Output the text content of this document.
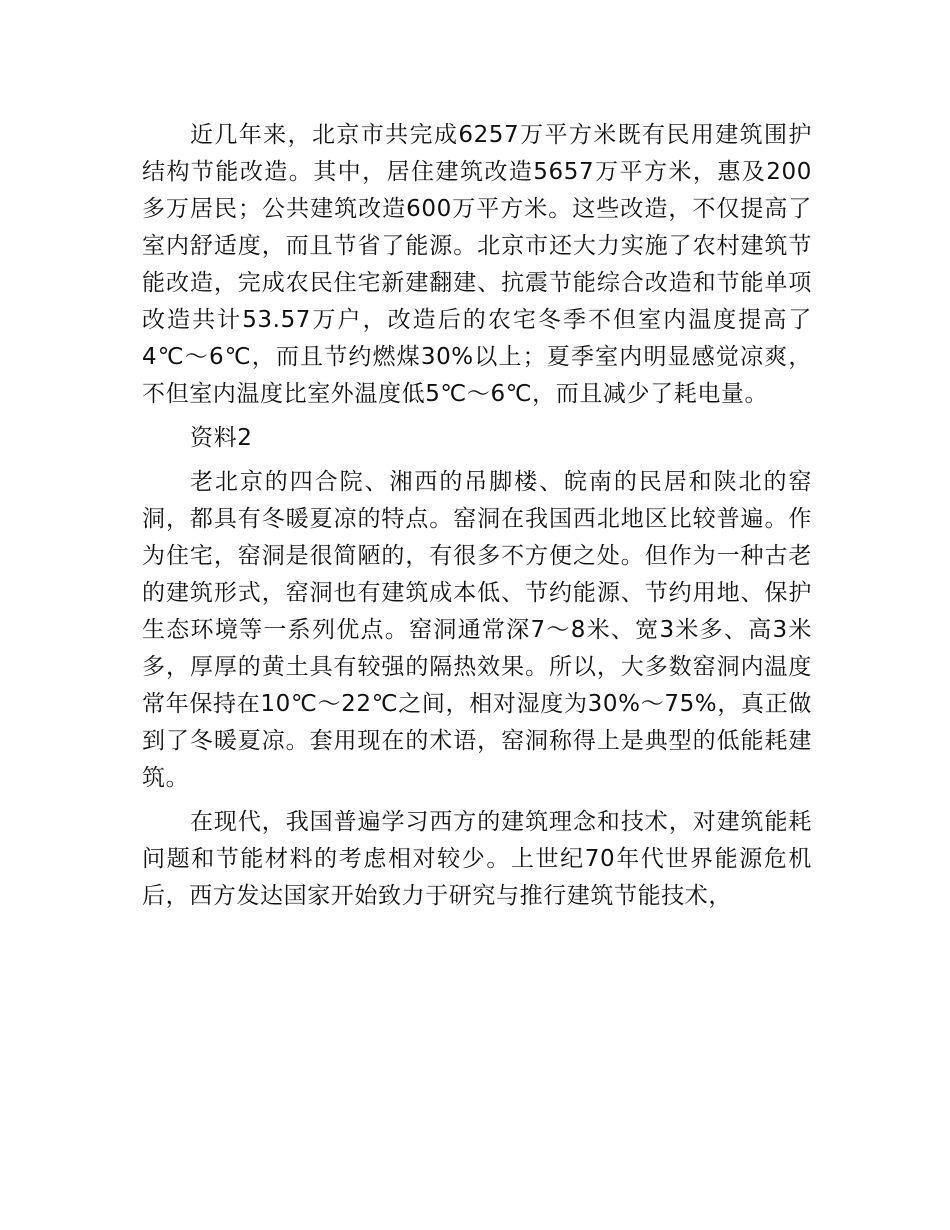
近几年来，北京市共完成6257万平方米既有民用建筑围护结构节能改造。其中，居住建筑改造5657万平方米，惠及200多万居民；公共建筑改造600万平方米。这些改造，不仅提高了室内舒适度，而且节省了能源。北京市还大力实施了农村建筑节能改造，完成农民住宅新建翻建、抗震节能综合改造和节能单项改造共计53.57万户，改造后的农宅冬季不但室内温度提高了4℃～6℃，而且节约燃煤30%以上；夏季室内明显感觉凉爽，不但室内温度比室外温度低5℃～6℃，而且减少了耗电量。

资料2

老北京的四合院、湘西的吊脚楼、皖南的民居和陕北的窑洞，都具有冬暖夏凉的特点。窑洞在我国西北地区比较普遍。作为住宅，窑洞是很简陋的，有很多不方便之处。但作为一种古老的建筑形式，窑洞也有建筑成本低、节约能源、节约用地、保护生态环境等一系列优点。窑洞通常深7～8米、宽3米多、高3米多，厚厚的黄土具有较强的隔热效果。所以，大多数窑洞内温度常年保持在10℃～22℃之间，相对湿度为30%～75%，真正做到了冬暖夏凉。套用现在的术语，窑洞称得上是典型的低能耗建筑。

在现代，我国普遍学习西方的建筑理念和技术，对建筑能耗问题和节能材料的考虑相对较少。上世纪70年代世界能源危机后，西方发达国家开始致力于研究与推行建筑节能技术，
